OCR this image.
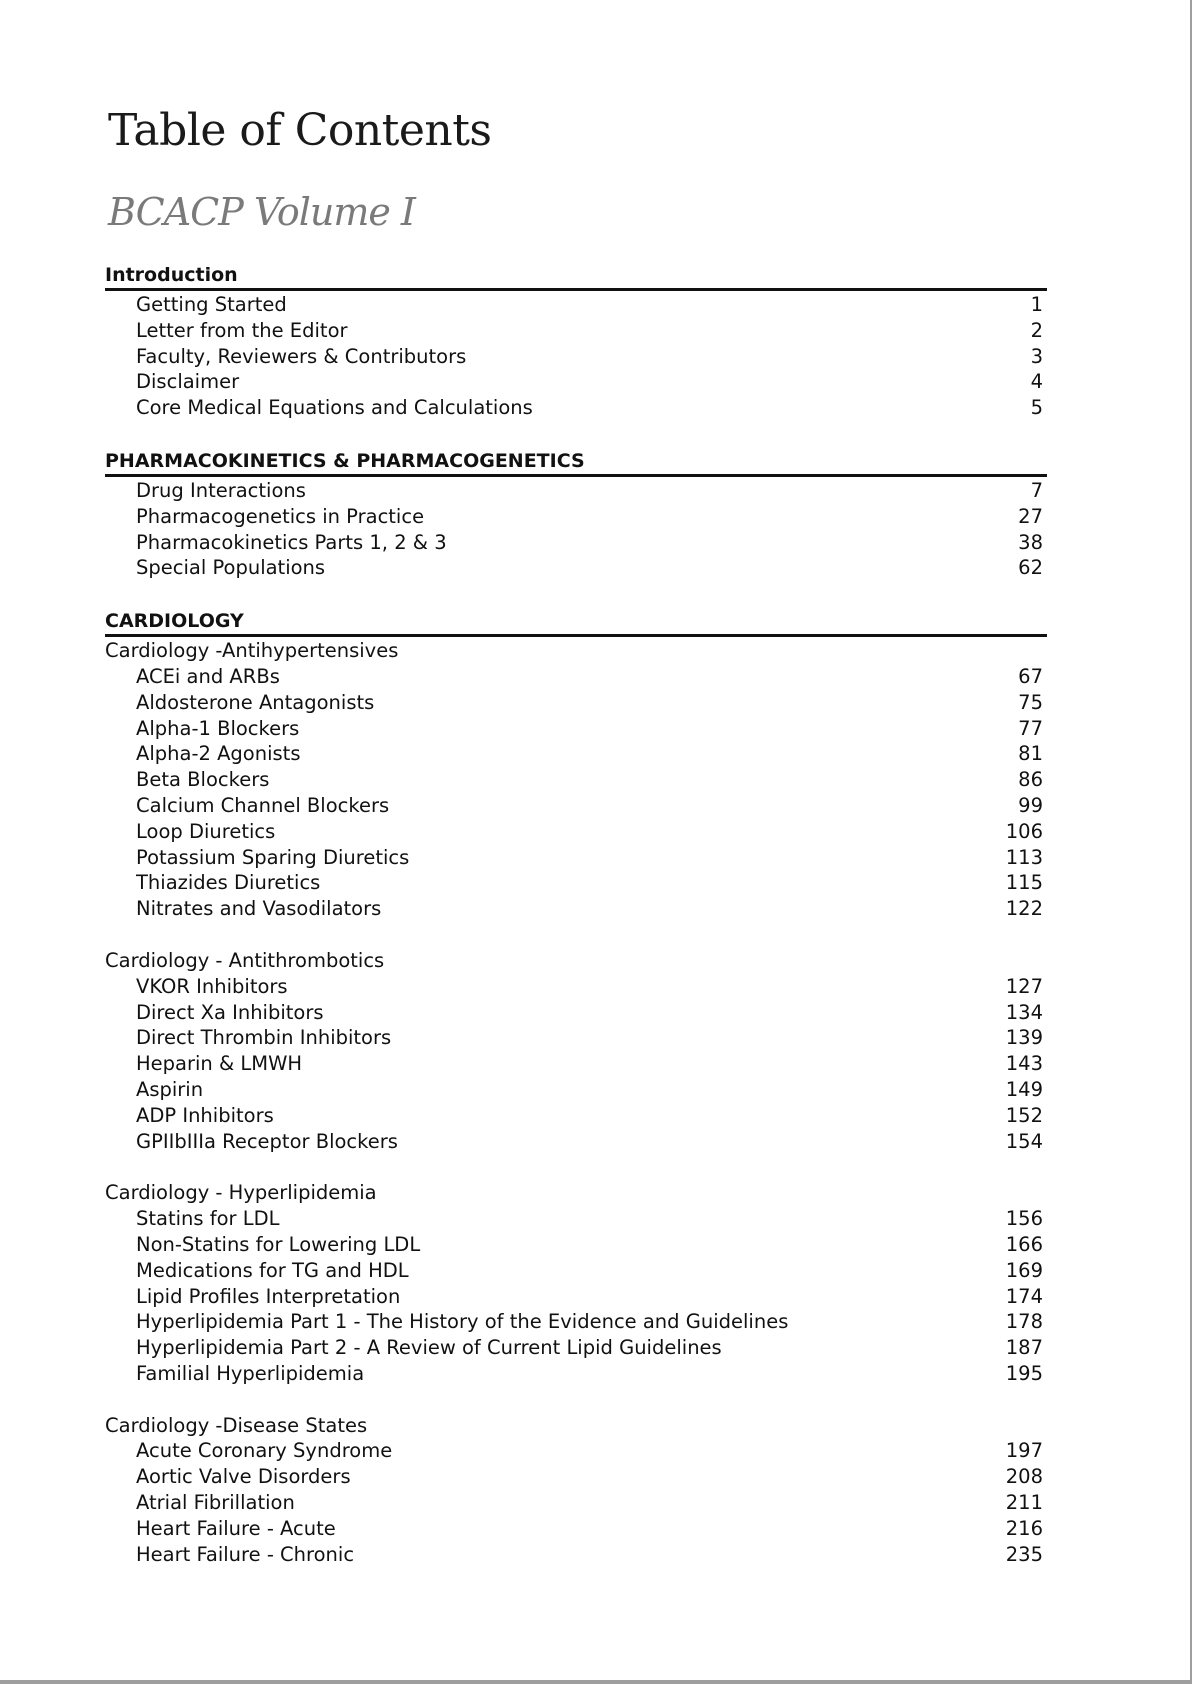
Table of Contents
BCACP Volume I
Introduction
Getting Started	1
Letter from the Editor	2
Faculty, Reviewers & Contributors	3
Disclaimer	4
Core Medical Equations and Calculations	5
PHARMACOKINETICS & PHARMACOGENETICS
Drug Interactions	7
Pharmacogenetics in Practice	27
Pharmacokinetics Parts 1, 2 & 3	38
Special Populations	62
CARDIOLOGY
Cardiology -Antihypertensives
ACEi and ARBs	67
Aldosterone Antagonists	75
Alpha-1 Blockers	77
Alpha-2 Agonists	81
Beta Blockers	86
Calcium Channel Blockers	99
Loop Diuretics	106
Potassium Sparing Diuretics	113
Thiazides Diuretics	115
Nitrates and Vasodilators	122
Cardiology - Antithrombotics
VKOR Inhibitors	127
Direct Xa Inhibitors	134
Direct Thrombin Inhibitors	139
Heparin & LMWH	143
Aspirin	149
ADP Inhibitors	152
GPIIbIIIa Receptor Blockers	154
Cardiology - Hyperlipidemia
Statins for LDL	156
Non-Statins for Lowering LDL	166
Medications for TG and HDL	169
Lipid Profiles Interpretation	174
Hyperlipidemia Part 1 - The History of the Evidence and Guidelines	178
Hyperlipidemia Part 2 - A Review of Current Lipid Guidelines	187
Familial Hyperlipidemia	195
Cardiology -Disease States
Acute Coronary Syndrome	197
Aortic Valve Disorders	208
Atrial Fibrillation	211
Heart Failure - Acute	216
Heart Failure - Chronic	235
